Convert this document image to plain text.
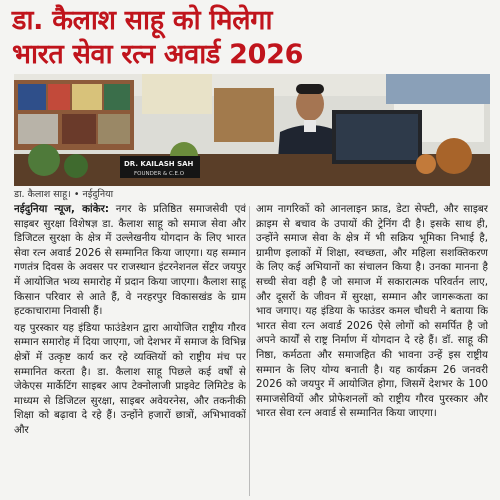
डा. कैलाश साहू को मिलेगा
भारत सेवा रत्न अवार्ड 2026
DR. KAILASH SAH
FOUNDER & C.E.O
डा. कैलाश साहू। • नईदुनिया

नईदुनिया न्यूज, कांकेर: नगर के प्रतिष्ठित समाजसेवी एवं साइबर सुरक्षा विशेषज्ञ डा. कैलाश साहू को समाज सेवा और डिजिटल सुरक्षा के क्षेत्र में उल्लेखनीय योगदान के लिए भारत सेवा रत्न अवार्ड 2026 से सम्मानित किया जाएगा। यह सम्मान गणतंत्र दिवस के अवसर पर राजस्थान इंटरनेशनल सेंटर जयपुर में आयोजित भव्य समारोह में प्रदान किया जाएगा। कैलाश साहू किसान परिवार से आते हैं, वे नरहरपुर विकासखंड के ग्राम हटकाचारामा निवासी हैं।

यह पुरस्कार यह इंडिया फाउंडेशन द्वारा आयोजित राष्ट्रीय गौरव सम्मान समारोह में दिया जाएगा, जो देशभर में समाज के विभिन्न क्षेत्रों में उत्कृष्ट कार्य कर रहे व्यक्तियों को राष्ट्रीय मंच पर सम्मानित करता है। डा. कैलाश साहू पिछले कई वर्षों से जेकेएस मार्केटिंग साइबर आप टेक्नोलाजी प्राइवेट लिमिटेड के माध्यम से डिजिटल सुरक्षा, साइबर अवेयरनेस, और तकनीकी शिक्षा को बढ़ावा दे रहे हैं। उन्होंने हजारों छात्रों, अभिभावकों और

आम नागरिकों को आनलाइन फ्राड, डेटा सेफ्टी, और साइबर क्राइम से बचाव के उपायों की ट्रेनिंग दी है। इसके साथ ही, उन्होंने समाज सेवा के क्षेत्र में भी सक्रिय भूमिका निभाई है, ग्रामीण इलाकों में शिक्षा, स्वच्छता, और महिला सशक्तिकरण के लिए कई अभियानों का संचालन किया है। उनका मानना है सच्ची सेवा वही है जो समाज में सकारात्मक परिवर्तन लाए, और दूसरों के जीवन में सुरक्षा, सम्मान और जागरूकता का भाव जगाए। यह इंडिया के फाउंडर कमल चौधरी ने बताया कि भारत सेवा रत्न अवार्ड 2026 ऐसे लोगों को समर्पित है जो अपने कार्यों से राष्ट्र निर्माण में योगदान दे रहे हैं। डॉ. साहू की निष्ठा, कर्मठता और समाजहित की भावना उन्हें इस राष्ट्रीय सम्मान के लिए योग्य बनाती है। यह कार्यक्रम 26 जनवरी 2026 को जयपुर में आयोजित होगा, जिसमें देशभर के 100 समाजसेवियों और प्रोफेशनलों को राष्ट्रीय गौरव पुरस्कार और भारत सेवा रत्न अवार्ड से सम्मानित किया जाएगा।
